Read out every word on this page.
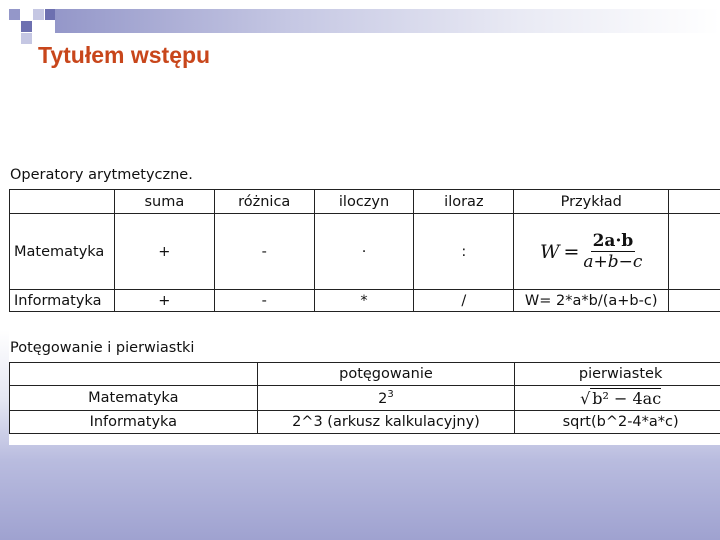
Tytułem wstępu
Operatory arytmetyczne.
	suma	różnica	iloczyn	iloraz	Przykład	
Matematyka	+	-	·	:	$W = \frac{2a\cdot b}{a+b-c}$

Informatyka	+	-	*	/	W= 2*a*b/(a+b-c)	
Potęgowanie i pierwiastki
	potęgowanie	pierwiastek
Matematyka	$2^3$	√ b² − 4ac
Informatyka	2^3 (arkusz kalkulacyjny)	sqrt(b^2-4*a*c)
